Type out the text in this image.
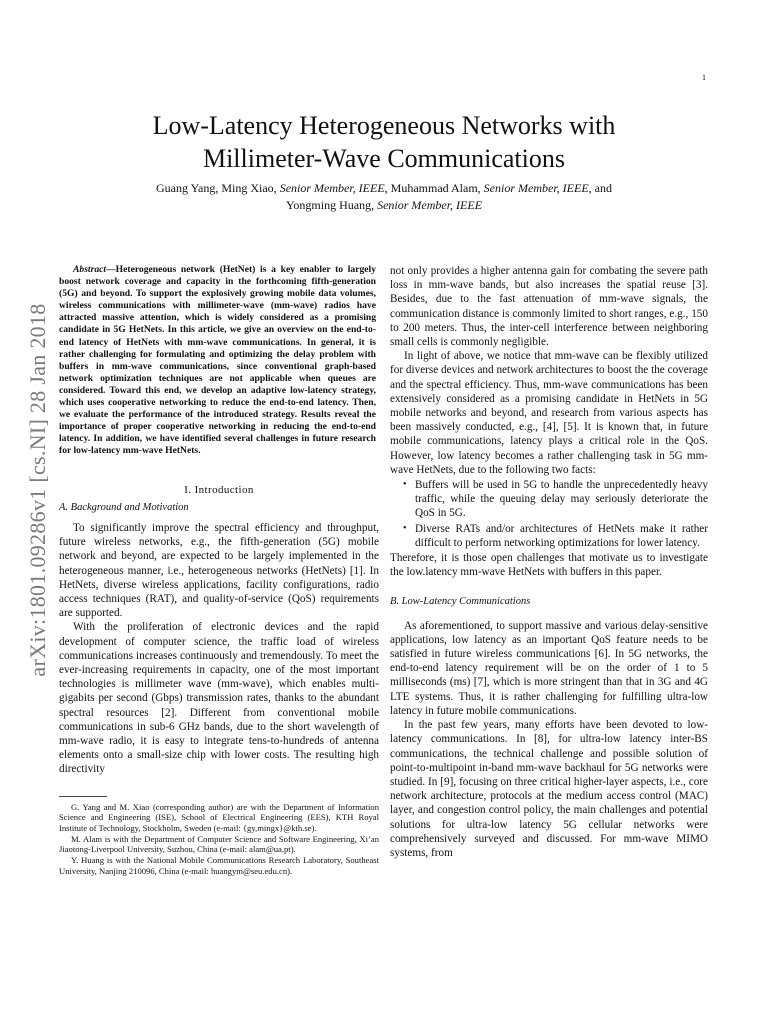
1
arXiv:1801.09286v1 [cs.NI] 28 Jan 2018
Low-Latency Heterogeneous Networks with
Millimeter-Wave Communications
Guang Yang, Ming Xiao, Senior Member, IEEE, Muhammad Alam, Senior Member, IEEE, and
Yongming Huang, Senior Member, IEEE

Abstract—Heterogeneous network (HetNet) is a key enabler to largely boost network coverage and capacity in the forthcoming fifth-generation (5G) and beyond. To support the explosively growing mobile data volumes, wireless communications with millimeter-wave (mm-wave) radios have attracted massive attention, which is widely considered as a promising candidate in 5G HetNets. In this article, we give an overview on the end-to-end latency of HetNets with mm-wave communications. In general, it is rather challenging for formulating and optimizing the delay problem with buffers in mm-wave communications, since conventional graph-based network optimization techniques are not applicable when queues are considered. Toward this end, we develop an adaptive low-latency strategy, which uses cooperative networking to reduce the end-to-end latency. Then, we evaluate the performance of the introduced strategy. Results reveal the importance of proper cooperative networking in reducing the end-to-end latency. In addition, we have identified several challenges in future research for low-latency mm-wave HetNets.

I. Introduction
A. Background and Motivation

To significantly improve the spectral efficiency and throughput, future wireless networks, e.g., the fifth-generation (5G) mobile network and beyond, are expected to be largely implemented in the heterogeneous manner, i.e., heterogeneous networks (HetNets) [1]. In HetNets, diverse wireless applications, facility configurations, radio access techniques (RAT), and quality-of-service (QoS) requirements are supported.

With the proliferation of electronic devices and the rapid development of computer science, the traffic load of wireless communications increases continuously and tremendously. To meet the ever-increasing requirements in capacity, one of the most important technologies is millimeter wave (mm-wave), which enables multi-gigabits per second (Gbps) transmission rates, thanks to the abundant spectral resources [2]. Different from conventional mobile communications in sub-6 GHz bands, due to the short wavelength of mm-wave radio, it is easy to integrate tens-to-hundreds of antenna elements onto a small-size chip with lower costs. The resulting high directivity

G. Yang and M. Xiao (corresponding author) are with the Department of Information Science and Engineering (ISE), School of Electrical Engineering (EES), KTH Royal Institute of Technology, Stockholm, Sweden (e-mail: {gy,mingx}@kth.se).

M. Alam is with the Department of Computer Science and Software Engineering, Xi’an Jiaotong-Liverpool University, Suzhou, China (e-mail: alam@ua.pt).

Y. Huang is with the National Mobile Communications Research Laboratory, Southeast University, Nanjing 210096, China (e-mail: huangym@seu.edu.cn).

not only provides a higher antenna gain for combating the severe path loss in mm-wave bands, but also increases the spatial reuse [3]. Besides, due to the fast attenuation of mm-wave signals, the communication distance is commonly limited to short ranges, e.g., 150 to 200 meters. Thus, the inter-cell interference between neighboring small cells is commonly negligible.

In light of above, we notice that mm-wave can be flexibly utilized for diverse devices and network architectures to boost the the coverage and the spectral efficiency. Thus, mm-wave communications has been extensively considered as a promising candidate in HetNets in 5G mobile networks and beyond, and research from various aspects has been massively conducted, e.g., [4], [5]. It is known that, in future mobile communications, latency plays a critical role in the QoS. However, low latency becomes a rather challenging task in 5G mm-wave HetNets, due to the following two facts:

• Buffers will be used in 5G to handle the unprecedentedly heavy traffic, while the queuing delay may seriously deteriorate the QoS in 5G.
• Diverse RATs and/or architectures of HetNets make it rather difficult to perform networking optimizations for lower latency.

Therefore, it is those open challenges that motivate us to investigate the low.latency mm-wave HetNets with buffers in this paper.

B. Low-Latency Communications

As aforementioned, to support massive and various delay-sensitive applications, low latency as an important QoS feature needs to be satisfied in future wireless communications [6]. In 5G networks, the end-to-end latency requirement will be on the order of 1 to 5 milliseconds (ms) [7], which is more stringent than that in 3G and 4G LTE systems. Thus, it is rather challenging for fulfilling ultra-low latency in future mobile communications.

In the past few years, many efforts have been devoted to low-latency communications. In [8], for ultra-low latency inter-BS communications, the technical challenge and possible solution of point-to-multipoint in-band mm-wave backhaul for 5G networks were studied. In [9], focusing on three critical higher-layer aspects, i.e., core network architecture, protocols at the medium access control (MAC) layer, and congestion control policy, the main challenges and potential solutions for ultra-low latency 5G cellular networks were comprehensively surveyed and discussed. For mm-wave MIMO systems, from
